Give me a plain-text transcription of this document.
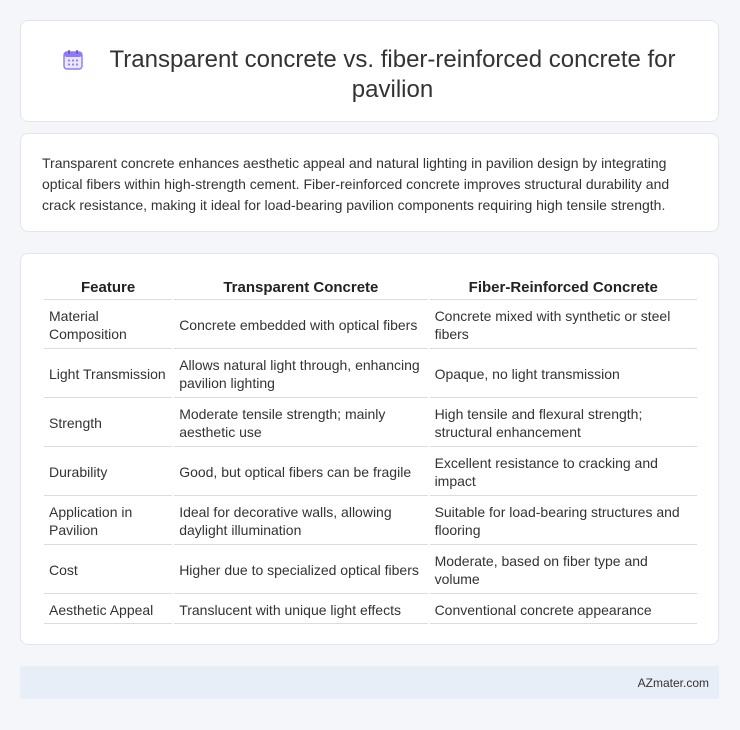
Transparent concrete vs. fiber-reinforced concrete for pavilion

Transparent concrete enhances aesthetic appeal and natural lighting in pavilion design by integrating optical fibers within high-strength cement. Fiber-reinforced concrete improves structural durability and crack resistance, making it ideal for load-bearing pavilion components requiring high tensile strength.

Feature	Transparent Concrete	Fiber-Reinforced Concrete
Material Composition	Concrete embedded with optical fibers	Concrete mixed with synthetic or steel fibers
Light Transmission	Allows natural light through, enhancing pavilion lighting	Opaque, no light transmission
Strength	Moderate tensile strength; mainly aesthetic use	High tensile and flexural strength; structural enhancement
Durability	Good, but optical fibers can be fragile	Excellent resistance to cracking and impact
Application in Pavilion	Ideal for decorative walls, allowing daylight illumination	Suitable for load-bearing structures and flooring
Cost	Higher due to specialized optical fibers	Moderate, based on fiber type and volume
Aesthetic Appeal	Translucent with unique light effects	Conventional concrete appearance
AZmater.com
